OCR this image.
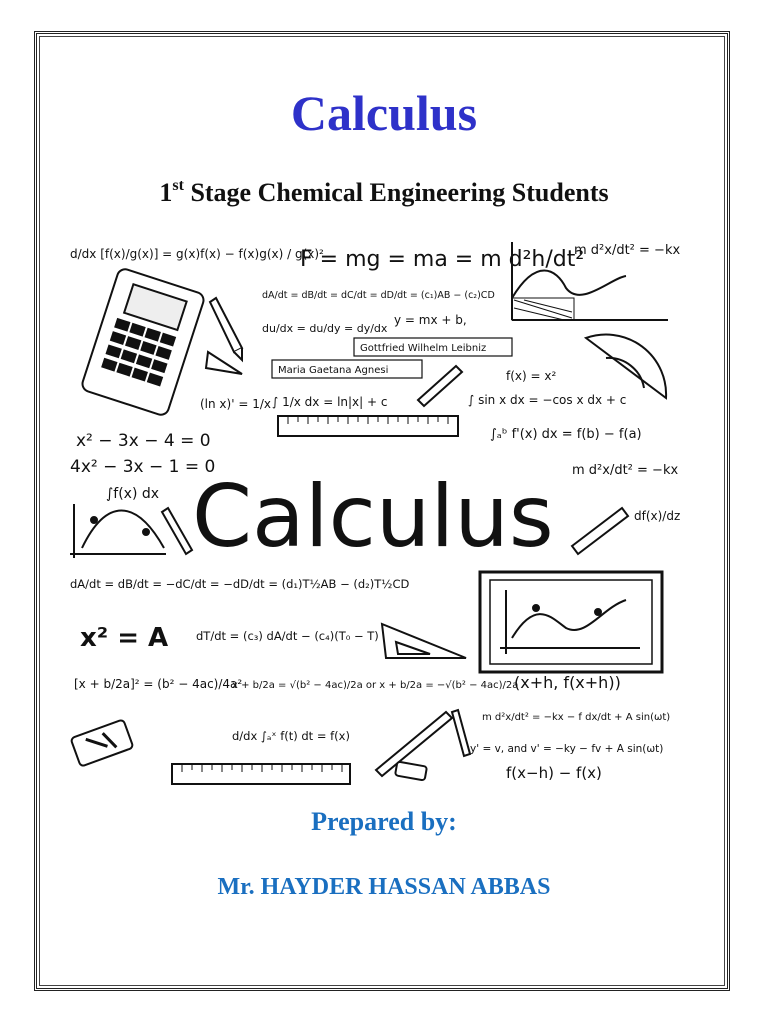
Calculus
1st Stage Chemical Engineering Students
d/dx [f(x)/g(x)] = g(x)f(x) − f(x)g(x) / g(x)²
F = mg = ma = m d²h/dt²
m d²x/dt² = −kx
dA/dt = dB/dt = dC/dt = dD/dt = (c₁)AB − (c₂)CD
y = mx + b,
du/dx = du/dy = dy/dx
Gottfried Wilhelm Leibniz
Maria Gaetana Agnesi	f(x) = x²
(ln x)' = 1/x ∫ 1/x dx = ln|x| + c	∫ sin x dx = −cos x dx + c
∫ₐᵇ f'(x) dx = f(b) − f(a)
x² − 3x − 4 = 0
4x² − 3x − 1 = 0
∫f(x) dx
m d²x/dt² = −kx
df(x)/dz
Calculus
dA/dt = dB/dt = −dC/dt = −dD/dt = (d₁)T½AB − (d₂)T½CD
x² = A dT/dt = (c₃) dA/dt − (c₄)(T₀ − T)
[x + b/2a]² = (b² − 4ac)/4a²
x + b/2a = √(b² − 4ac)/2a or x + b/2a = −√(b² − 4ac)/2a
(x+h, f(x+h))
m d²x/dt² = −kx − f dx/dt + A sin(ωt)
d/dx ∫ₐˣ f(t) dt = f(x)
y' = v, and v' = −ky − fv + A sin(ωt)
f(x−h) − f(x)
Prepared by:
Mr. HAYDER HASSAN ABBAS
